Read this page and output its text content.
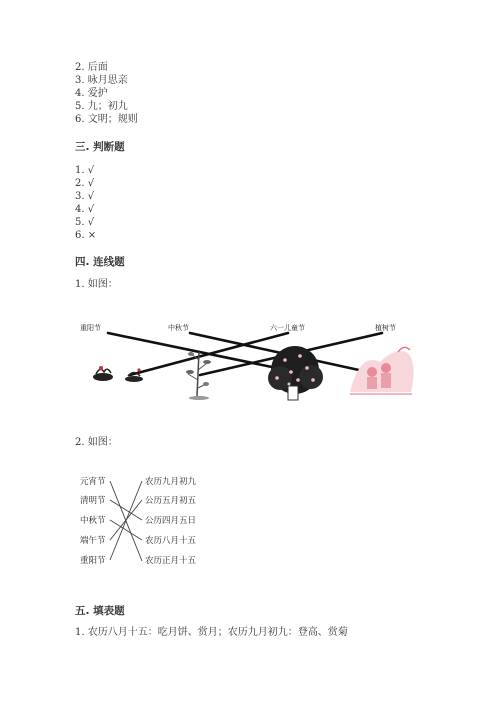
2. 后面
3. 咏月思亲
4. 爱护
5. 九；初九
6. 文明；规则
三. 判断题
1. √
2. √
3. √
4. √
5. √
6. ×
四. 连线题
1. 如图：
重阳节	中秋节	六一儿童节	植树节
2. 如图：
元宵节
清明节
中秋节
端午节
重阳节
农历九月初九
公历五月初五
公历四月五日
农历八月十五
农历正月十五
五. 填表题
1. 农历八月十五：吃月饼、赏月；农历九月初九：登高、赏菊
